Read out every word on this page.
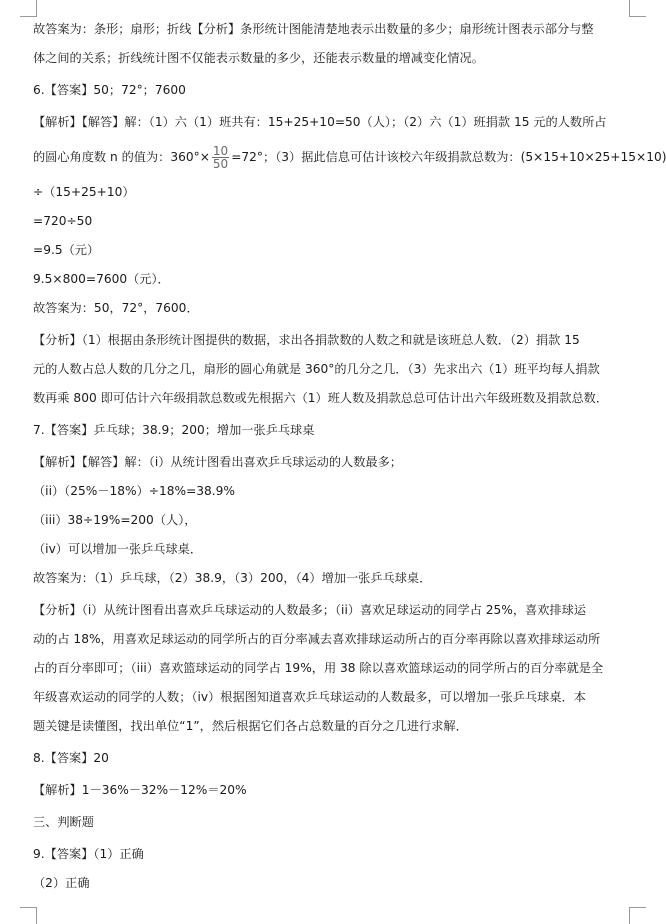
故答案为：条形；扇形；折线【分析】条形统计图能清楚地表示出数量的多少；扇形统计图表示部分与整

体之间的关系；折线统计图不仅能表示数量的多少，还能表示数量的增减变化情况。

6.【答案】50；72°；7600

【解析】【解答】解：（1）六（1）班共有：15+25+10=50（人）；（2）六（1）班捐款 15 元的人数所占

的圆心角度数 n 的值为：$360^\circ\times \frac{10}{50} =72^\circ$；（3）据此信息可估计该校六年级捐款总数为：(5×15+10×25+15×10)

÷（15+25+10）

=720÷50

=9.5（元）

9.5×800=7600（元）．

故答案为：50，72°，7600．

【分析】（1）根据由条形统计图提供的数据，求出各捐款数的人数之和就是该班总人数．（2）捐款 15

元的人数占总人数的几分之几，扇形的圆心角就是 360°的几分之几．（3）先求出六（1）班平均每人捐款

数再乘 800 即可估计六年级捐款总数或先根据六（1）班人数及捐款总总可估计出六年级班数及捐款总数．

7.【答案】乒乓球；38.9；200；增加一张乒乓球桌

【解析】【解答】解：（i）从统计图看出喜欢乒乓球运动的人数最多；

（ii）（25%－18%）÷18%=38.9%

（iii）38÷19%=200（人），

（iv）可以增加一张乒乓球桌．

故答案为：（1）乒乓球，（2）38.9，（3）200，（4）增加一张乒乓球桌．

【分析】（i）从统计图看出喜欢乒乓球运动的人数最多；（ii）喜欢足球运动的同学占 25%，喜欢排球运

动的占 18%，用喜欢足球运动的同学所占的百分率减去喜欢排球运动所占的百分率再除以喜欢排球运动所

占的百分率即可；（iii）喜欢篮球运动的同学占 19%，用 38 除以喜欢篮球运动的同学所占的百分率就是全

年级喜欢运动的同学的人数；（iv）根据图知道喜欢乒乓球运动的人数最多，可以增加一张乒乓球桌．本

题关键是读懂图，找出单位“1”，然后根据它们各占总数量的百分之几进行求解．

8.【答案】20

【解析】1－36%－32%－12%＝20%

三、判断题

9.【答案】（1）正确

（2）正确
